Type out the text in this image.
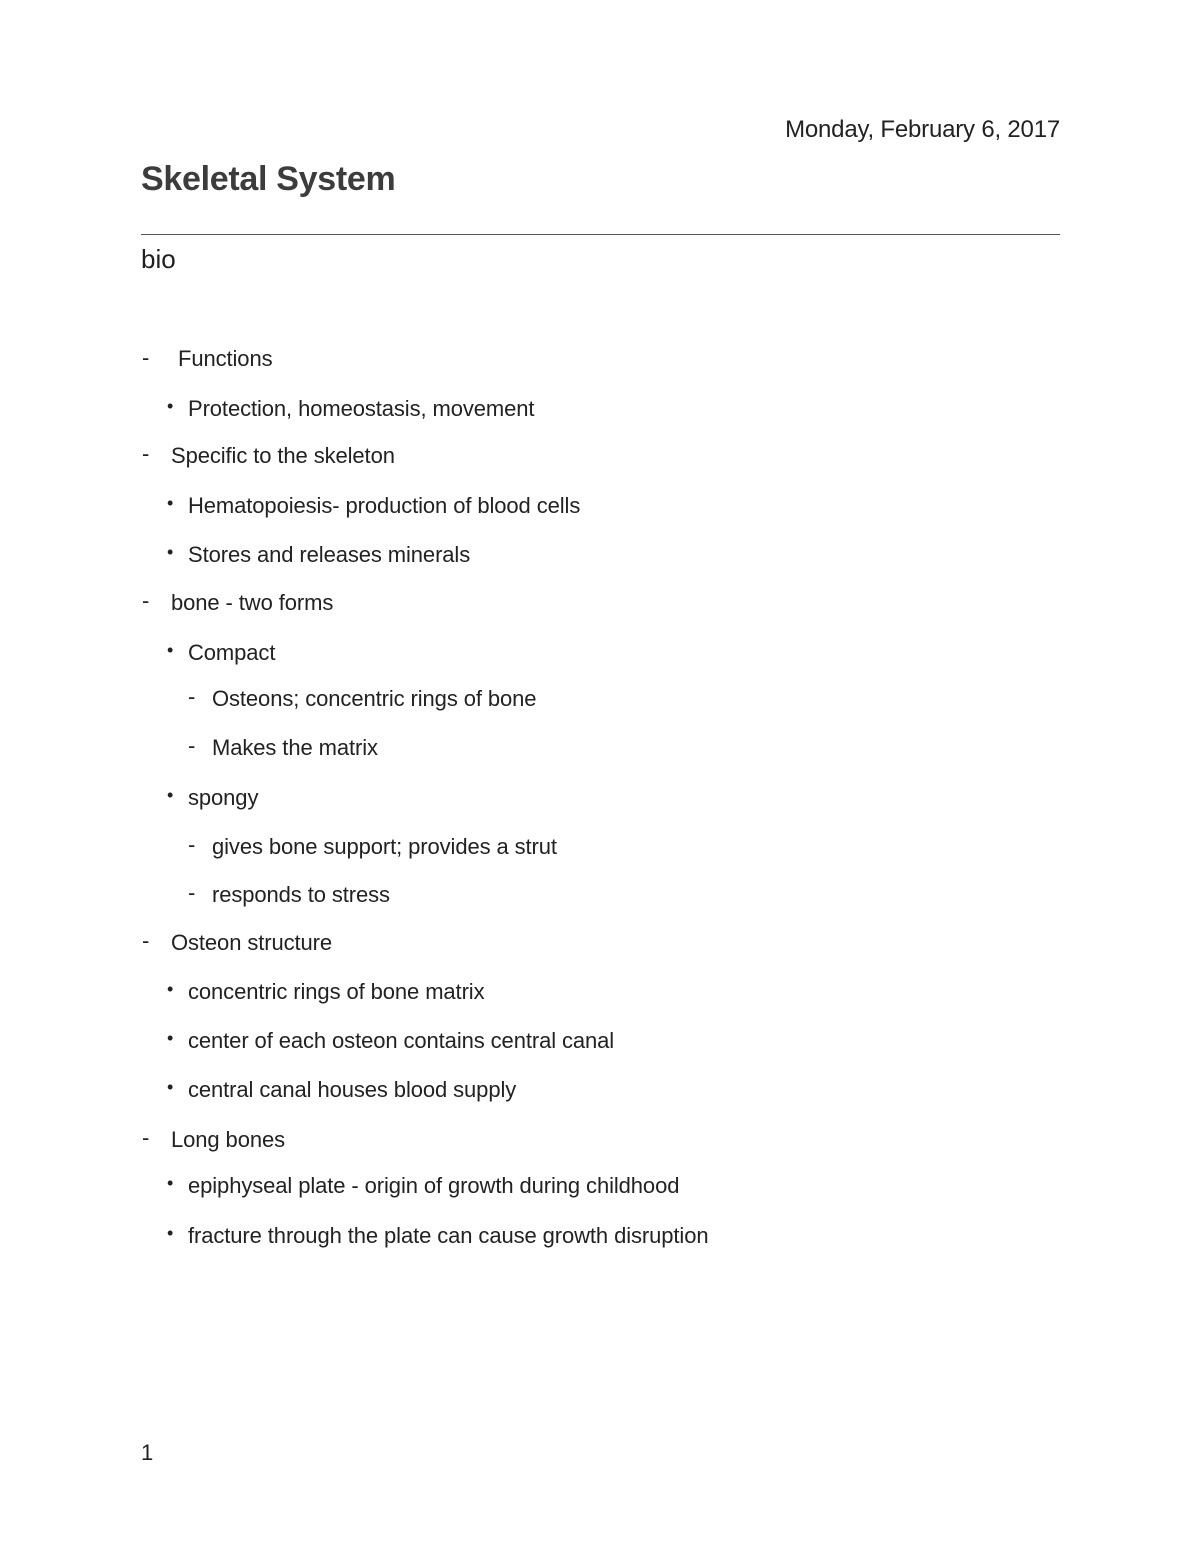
Monday, February 6, 2017
Skeletal System
bio
- Functions
• Protection, homeostasis, movement
- Specific to the skeleton
• Hematopoiesis- production of blood cells
• Stores and releases minerals
- bone - two forms
• Compact
- Osteons; concentric rings of bone
- Makes the matrix
• spongy
- gives bone support; provides a strut
- responds to stress
- Osteon structure
• concentric rings of bone matrix
• center of each osteon contains central canal
• central canal houses blood supply
- Long bones
• epiphyseal plate - origin of growth during childhood
• fracture through the plate can cause growth disruption
1
